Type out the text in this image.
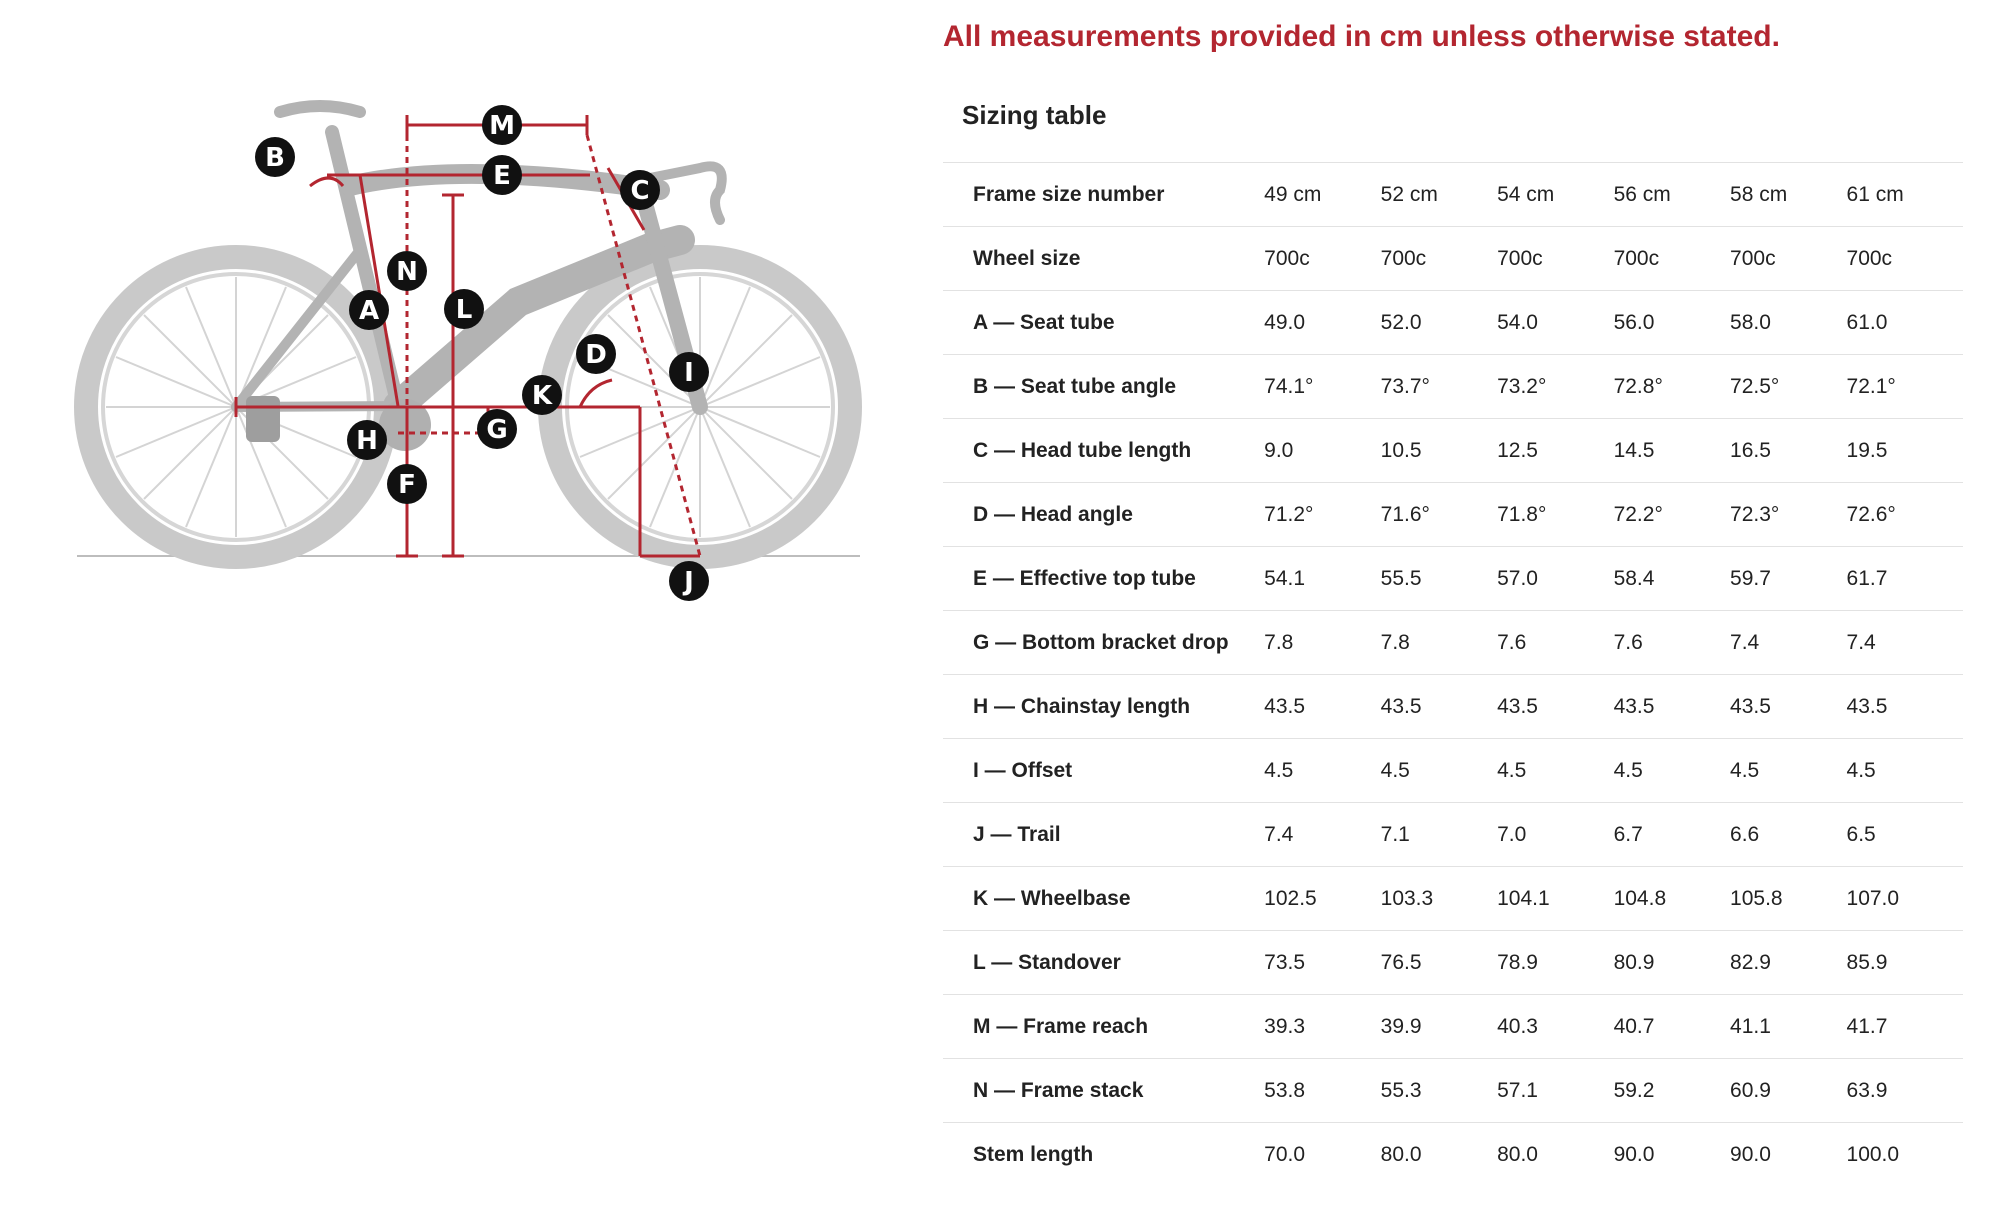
All measurements provided in cm unless otherwise stated.
M
B
E	C
N
L
A
D
I
K
G
H
F
J
Sizing table
Frame size number	49 cm	52 cm	54 cm	56 cm	58 cm	61 cm
Wheel size	700c	700c	700c	700c	700c	700c
A — Seat tube	49.0	52.0	54.0	56.0	58.0	61.0
B — Seat tube angle	74.1°	73.7°	73.2°	72.8°	72.5°	72.1°
C — Head tube length	9.0	10.5	12.5	14.5	16.5	19.5
D — Head angle	71.2°	71.6°	71.8°	72.2°	72.3°	72.6°
E — Effective top tube	54.1	55.5	57.0	58.4	59.7	61.7
G — Bottom bracket drop	7.8	7.8	7.6	7.6	7.4	7.4
H — Chainstay length	43.5	43.5	43.5	43.5	43.5	43.5
I — Offset	4.5	4.5	4.5	4.5	4.5	4.5
J — Trail	7.4	7.1	7.0	6.7	6.6	6.5
K — Wheelbase	102.5	103.3	104.1	104.8	105.8	107.0
L — Standover	73.5	76.5	78.9	80.9	82.9	85.9
M — Frame reach	39.3	39.9	40.3	40.7	41.1	41.7
N — Frame stack	53.8	55.3	57.1	59.2	60.9	63.9
Stem length	70.0	80.0	80.0	90.0	90.0	100.0
